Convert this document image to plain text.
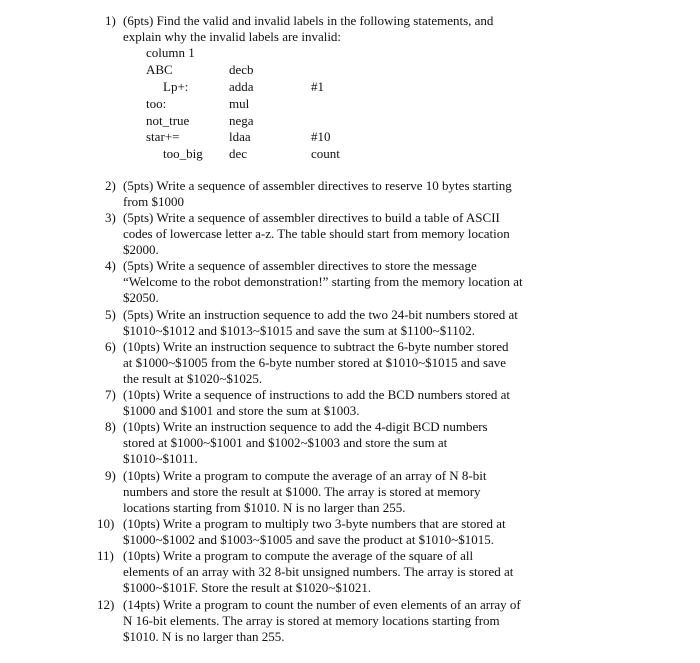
1) (6pts) Find the valid and invalid labels in the following statements, and
explain why the invalid labels are invalid:
column 1
ABC	decb
Lp+:	adda	#1
too:	mul
not_true	nega
star+=	ldaa	#10
too_big dec	count
2) (5pts) Write a sequence of assembler directives to reserve 10 bytes starting
from $1000
3) (5pts) Write a sequence of assembler directives to build a table of ASCII
codes of lowercase letter a-z. The table should start from memory location
$2000.
4) (5pts) Write a sequence of assembler directives to store the message
“Welcome to the robot demonstration!” starting from the memory location at
$2050.
5) (5pts) Write an instruction sequence to add the two 24-bit numbers stored at
$1010~$1012 and $1013~$1015 and save the sum at $1100~$1102.
6) (10pts) Write an instruction sequence to subtract the 6-byte number stored
at $1000~$1005 from the 6-byte number stored at $1010~$1015 and save
the result at $1020~$1025.
7) (10pts) Write a sequence of instructions to add the BCD numbers stored at
$1000 and $1001 and store the sum at $1003.
8) (10pts) Write an instruction sequence to add the 4-digit BCD numbers
stored at $1000~$1001 and $1002~$1003 and store the sum at
$1010~$1011.
9) (10pts) Write a program to compute the average of an array of N 8-bit
numbers and store the result at $1000. The array is stored at memory
locations starting from $1010. N is no larger than 255.
10) (10pts) Write a program to multiply two 3-byte numbers that are stored at
$1000~$1002 and $1003~$1005 and save the product at $1010~$1015.
11) (10pts) Write a program to compute the average of the square of all
elements of an array with 32 8-bit unsigned numbers. The array is stored at
$1000~$101F. Store the result at $1020~$1021.
12) (14pts) Write a program to count the number of even elements of an array of
N 16-bit elements. The array is stored at memory locations starting from
$1010. N is no larger than 255.
